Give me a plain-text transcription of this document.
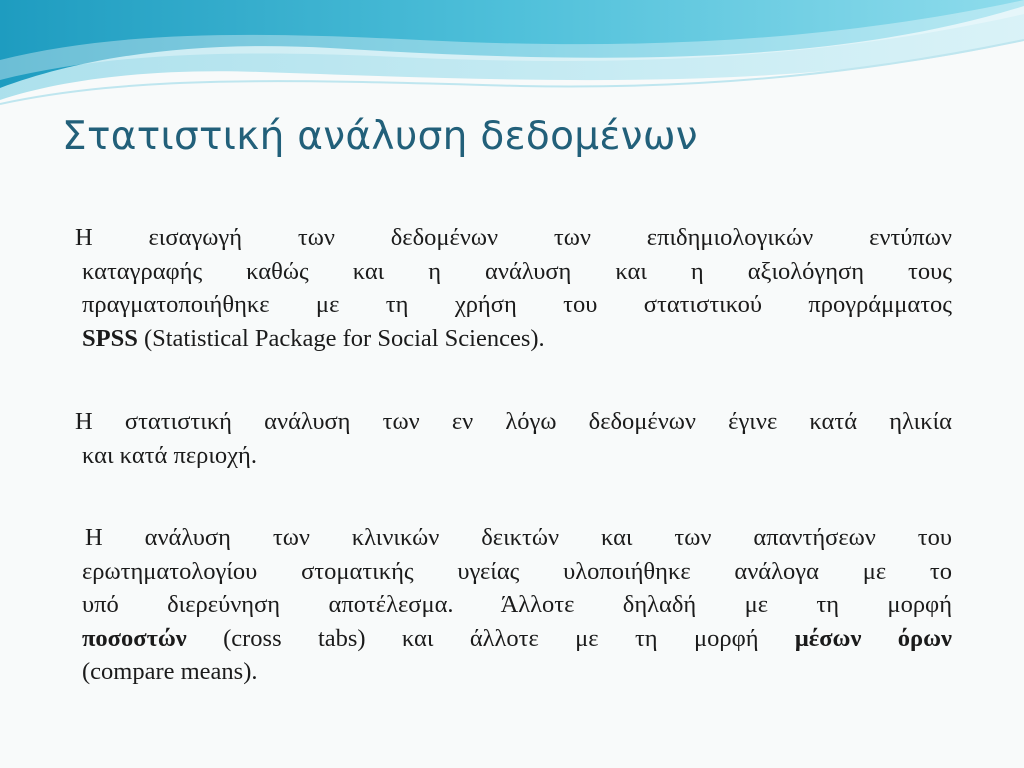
Στατιστική ανάλυση δεδομένων

Η εισαγωγή των δεδομένων των επιδημιολογικών εντύπων
καταγραφής καθώς και η ανάλυση και η αξιολόγηση τους
πραγματοποιήθηκε με τη χρήση του στατιστικού προγράμματος
SPSS (Statistical Package for Social Sciences).

Η στατιστική ανάλυση των εν λόγω δεδομένων έγινε κατά ηλικία
και κατά περιοχή.

Η ανάλυση των κλινικών δεικτών και των απαντήσεων του
ερωτηματολογίου στοματικής υγείας υλοποιήθηκε ανάλογα με το
υπό διερεύνηση αποτέλεσμα. Άλλοτε δηλαδή με τη μορφή
ποσοστών (cross tabs) και άλλοτε με τη μορφή μέσων όρων
(compare means).
